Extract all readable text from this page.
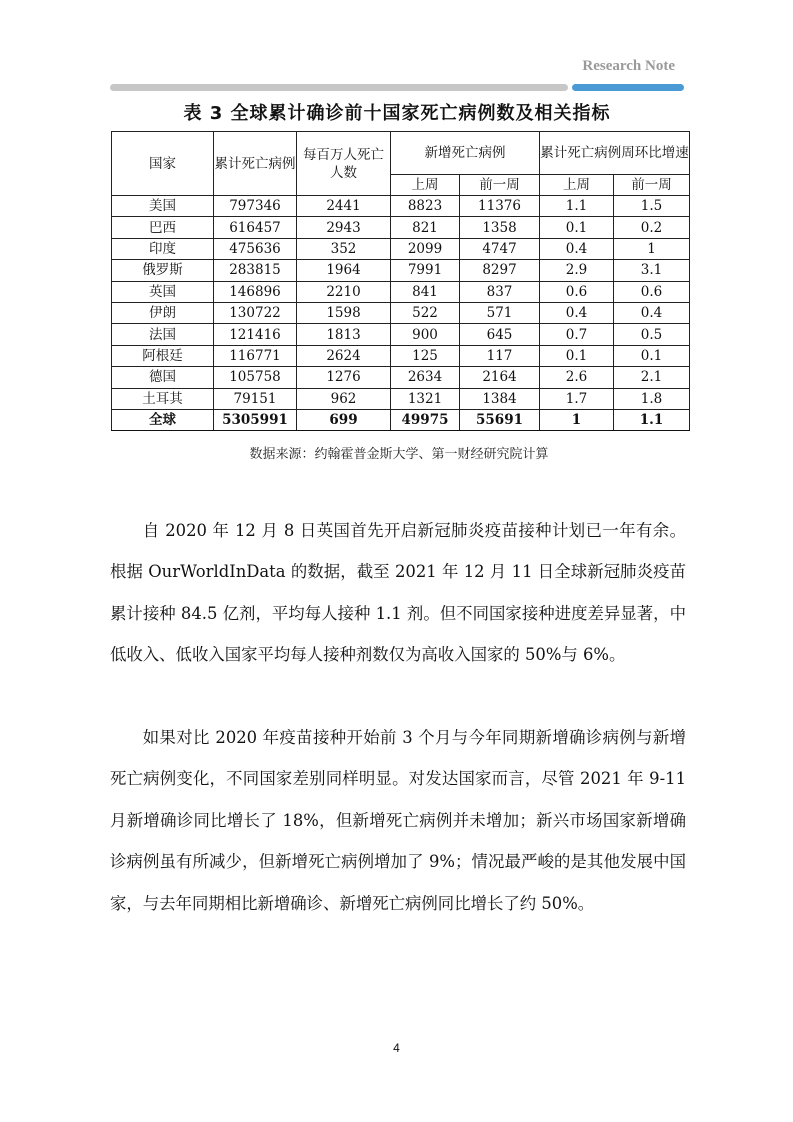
Research Note
表 3 全球累计确诊前十国家死亡病例数及相关指标
国家	累计死亡病例	每百万人死亡人数	新增死亡病例		累计死亡病例周环比增速	
			上周	前一周	上周	前一周
美国	797346	2441	8823	11376	1.1	1.5
巴西	616457	2943	821	1358	0.1	0.2
印度	475636	352	2099	4747	0.4	1
俄罗斯	283815	1964	7991	8297	2.9	3.1
英国	146896	2210	841	837	0.6	0.6
伊朗	130722	1598	522	571	0.4	0.4
法国	121416	1813	900	645	0.7	0.5
阿根廷	116771	2624	125	117	0.1	0.1
德国	105758	1276	2634	2164	2.6	2.1
土耳其	79151	962	1321	1384	1.7	1.8
全球	5305991	699	49975	55691	1	1.1
数据来源：约翰霍普金斯大学、第一财经研究院计算

自 2020 年 12 月 8 日英国首先开启新冠肺炎疫苗接种计划已一年有余。根据 OurWorldInData 的数据，截至 2021 年 12 月 11 日全球新冠肺炎疫苗累计接种 84.5 亿剂，平均每人接种 1.1 剂。但不同国家接种进度差异显著，中低收入、低收入国家平均每人接种剂数仅为高收入国家的 50%与 6%。

如果对比 2020 年疫苗接种开始前 3 个月与今年同期新增确诊病例与新增死亡病例变化，不同国家差别同样明显。对发达国家而言，尽管 2021 年 9-11 月新增确诊同比增长了 18%，但新增死亡病例并未增加；新兴市场国家新增确诊病例虽有所减少，但新增死亡病例增加了 9%；情况最严峻的是其他发展中国家，与去年同期相比新增确诊、新增死亡病例同比增长了约 50%。

4
